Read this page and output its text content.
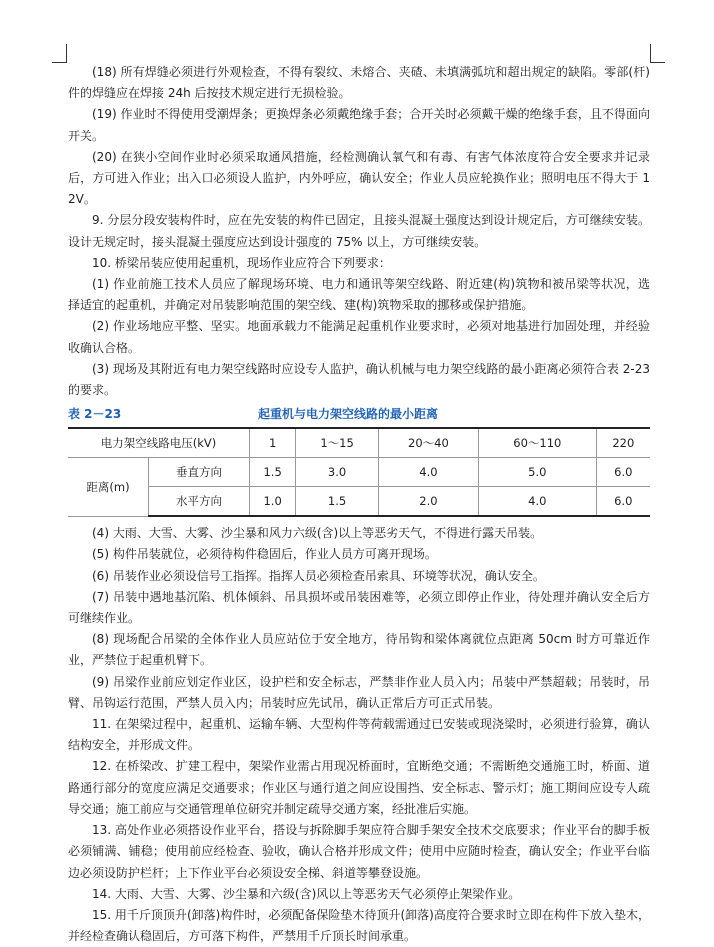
(18) 所有焊缝必须进行外观检查，不得有裂纹、未熔合、夹碴、未填满弧坑和超出规定的缺陷。零部(杆)件的焊缝应在焊接 24h 后按技术规定进行无损检验。

(19) 作业时不得使用受潮焊条；更换焊条必须戴绝缘手套；合开关时必须戴干燥的绝缘手套，且不得面向开关。

(20) 在狭小空间作业时必须采取通风措施，经检测确认氧气和有毒、有害气体浓度符合安全要求并记录后，方可进入作业；出入口必须设人监护，内外呼应，确认安全；作业人员应轮换作业；照明电压不得大于 12V。

9. 分层分段安装构件时，应在先安装的构件已固定，且接头混凝土强度达到设计规定后，方可继续安装。设计无规定时，接头混凝土强度应达到设计强度的 75% 以上，方可继续安装。

10. 桥梁吊装应使用起重机，现场作业应符合下列要求：

(1) 作业前施工技术人员应了解现场环境、电力和通讯等架空线路、附近建(构)筑物和被吊梁等状况，选择适宜的起重机，并确定对吊装影响范围的架空线、建(构)筑物采取的挪移或保护措施。

(2) 作业场地应平整、坚实。地面承载力不能满足起重机作业要求时，必须对地基进行加固处理，并经验收确认合格。

(3) 现场及其附近有电力架空线路时应设专人监护，确认机械与电力架空线路的最小距离必须符合表 2-23 的要求。

表 2－23	起重机与电力架空线路的最小距离
电力架空线路电压(kV)		1	1～15	20～40	60～110	220
距离(m)	垂直方向	1.5	3.0	4.0	5.0	6.0
	水平方向	1.0	1.5	2.0	4.0	6.0

(4) 大雨、大雪、大雾、沙尘暴和风力六级(含)以上等恶劣天气，不得进行露天吊装。

(5) 构件吊装就位，必须待构件稳固后，作业人员方可离开现场。

(6) 吊装作业必须设信号工指挥。指挥人员必须检查吊索具、环境等状况，确认安全。

(7) 吊装中遇地基沉陷、机体倾斜、吊具损坏或吊装困难等，必须立即停止作业，待处理并确认安全后方可继续作业。

(8) 现场配合吊梁的全体作业人员应站位于安全地方，待吊钩和梁体离就位点距离 50cm 时方可靠近作业，严禁位于起重机臂下。

(9) 吊梁作业前应划定作业区，设护栏和安全标志，严禁非作业人员入内；吊装中严禁超载；吊装时，吊臂、吊钩运行范围，严禁人员入内；吊装时应先试吊，确认正常后方可正式吊装。

11. 在架梁过程中，起重机、运输车辆、大型构件等荷载需通过已安装或现浇梁时，必须进行验算，确认结构安全，并形成文件。

12. 在桥梁改、扩建工程中，架梁作业需占用现况桥面时，宜断绝交通；不需断绝交通施工时，桥面、道路通行部分的宽度应满足交通要求；作业区与通行道之间应设围挡、安全标志、警示灯；施工期间应设专人疏导交通；施工前应与交通管理单位研究并制定疏导交通方案，经批准后实施。

13. 高处作业必须搭设作业平台，搭设与拆除脚手架应符合脚手架安全技术交底要求；作业平台的脚手板必须铺满、铺稳；使用前应经检查、验收，确认合格并形成文件；使用中应随时检查，确认安全；作业平台临边必须设防护栏杆；上下作业平台必须设安全梯、斜道等攀登设施。

14. 大雨、大雪、大雾、沙尘暴和六级(含)风以上等恶劣天气必须停止架梁作业。

15. 用千斤顶顶升(卸落)构件时，必须配备保险垫木待顶升(卸落)高度符合要求时立即在构件下放入垫木，并经检查确认稳固后，方可落下构件，严禁用千斤顶长时间承重。
